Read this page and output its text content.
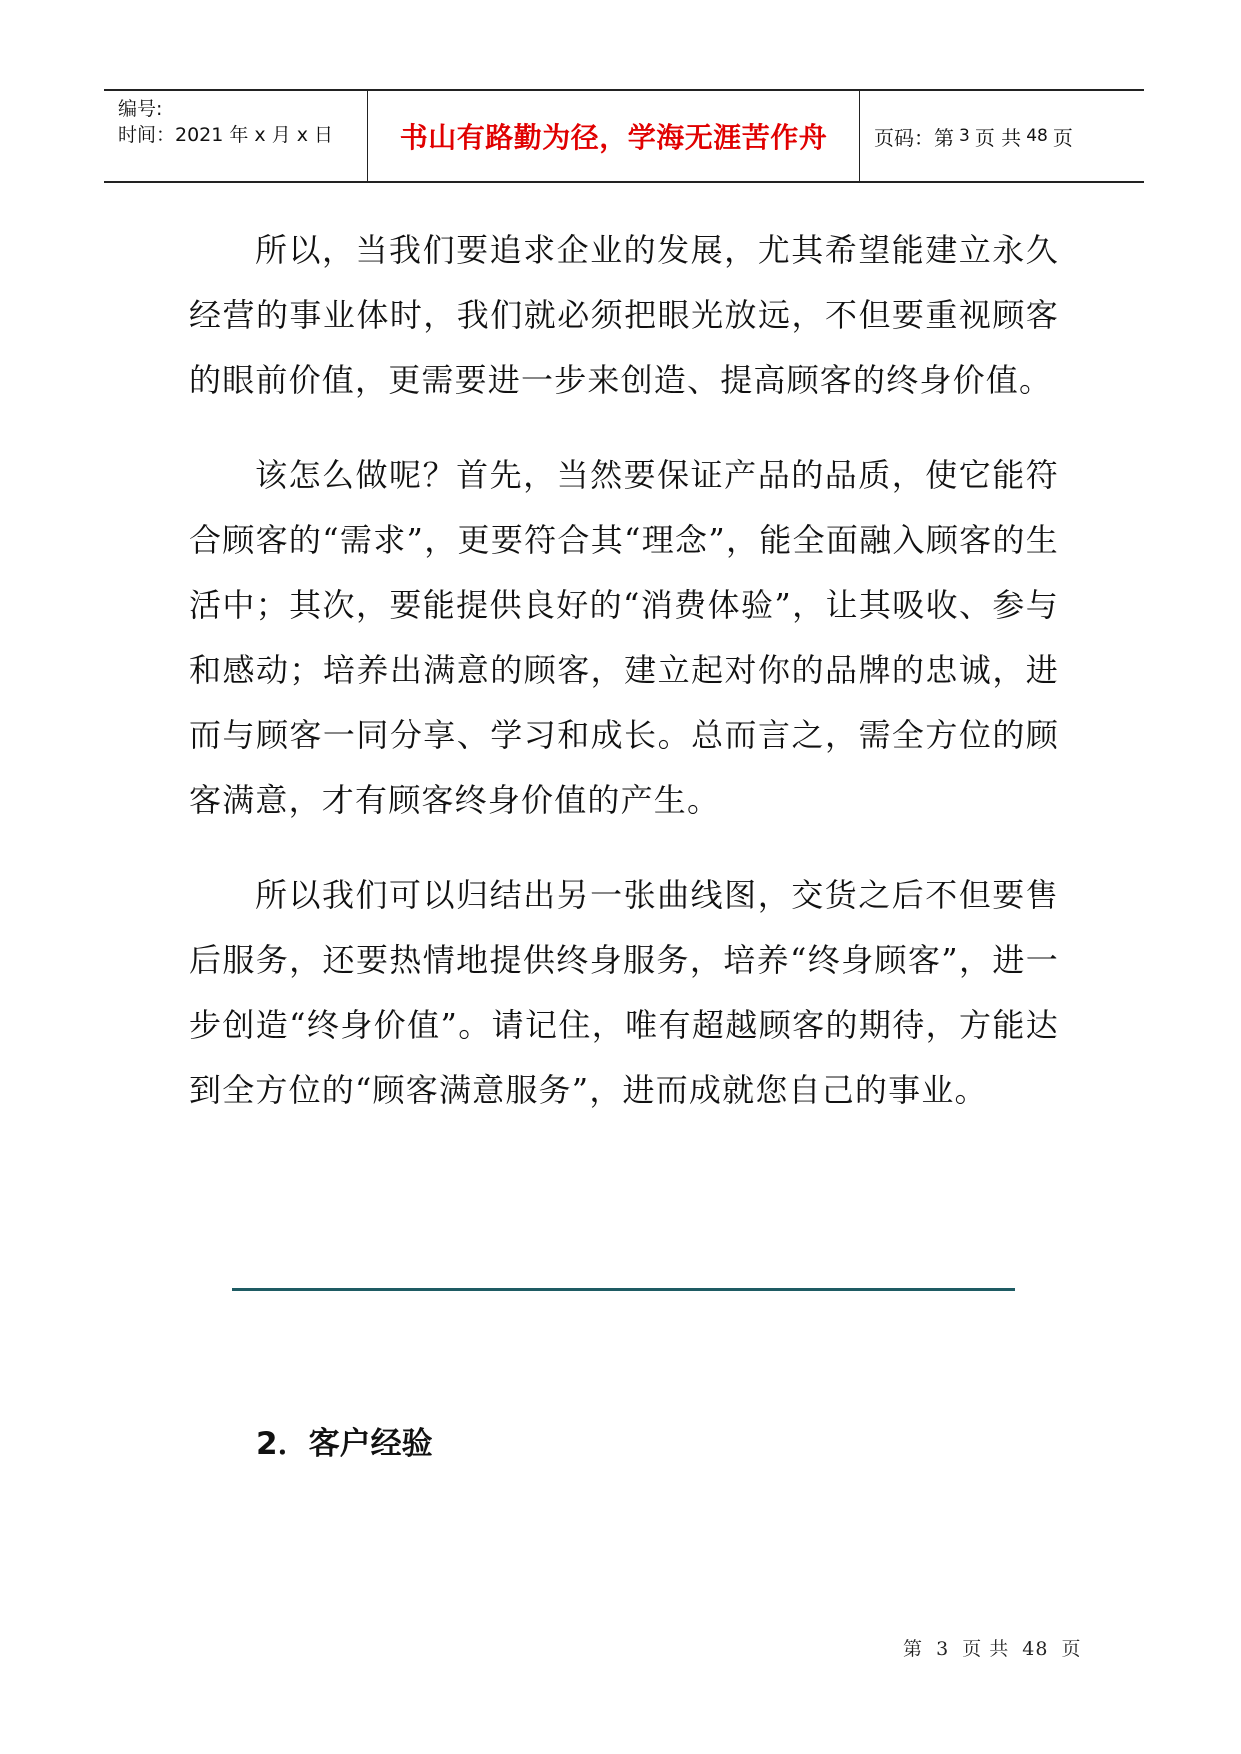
编号:
时间：2021 年 x 月 x 日	书山有路勤为径，学海无涯苦作舟	页码：第 3 页 共 48 页

所以，当我们要追求企业的发展，尤其希望能建立永久经营的事业体时，我们就必须把眼光放远，不但要重视顾客的眼前价值，更需要进一步来创造、提高顾客的终身价值。

该怎么做呢？首先，当然要保证产品的品质，使它能符合顾客的“需求”，更要符合其“理念”，能全面融入顾客的生活中；其次，要能提供良好的“消费体验”，让其吸收、参与和感动；培养出满意的顾客，建立起对你的品牌的忠诚，进而与顾客一同分享、学习和成长。总而言之，需全方位的顾客满意，才有顾客终身价值的产生。

所以我们可以归结出另一张曲线图，交货之后不但要售后服务，还要热情地提供终身服务，培养“终身顾客”，进一步创造“终身价值”。请记住，唯有超越顾客的期待，方能达到全方位的“顾客满意服务”，进而成就您自己的事业。

2．客户经验
第 3 页 共 48 页
